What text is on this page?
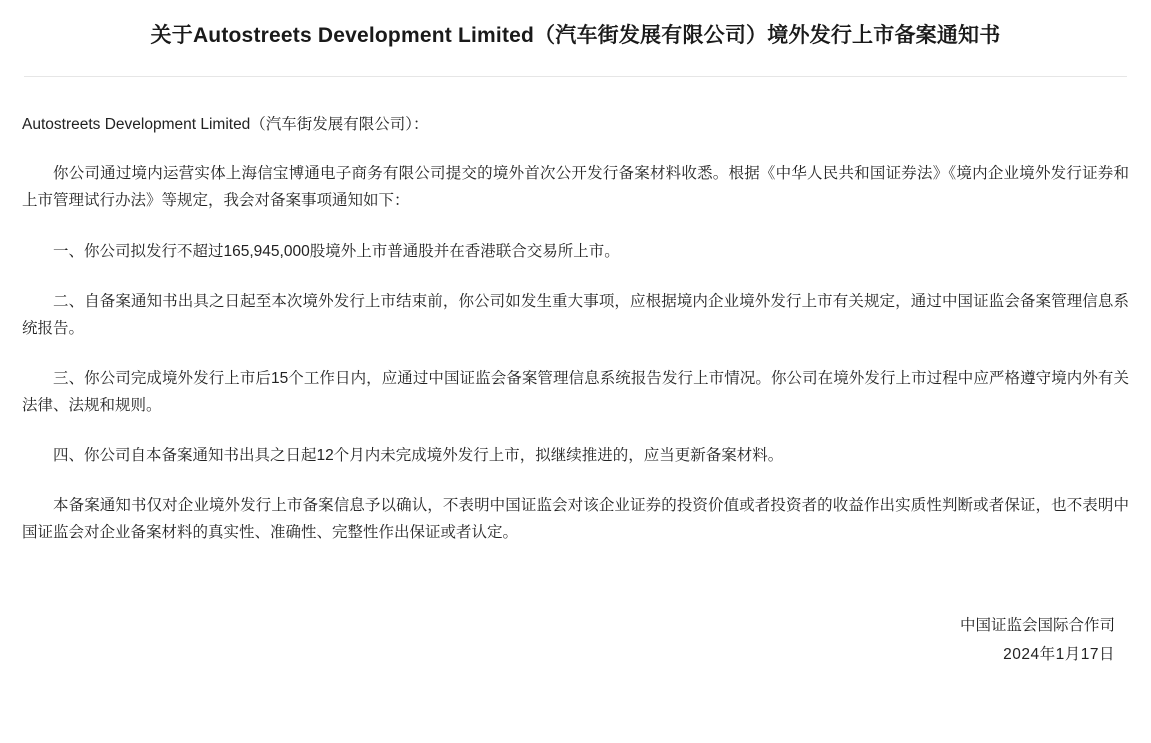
关于Autostreets Development Limited（汽车街发展有限公司）境外发行上市备案通知书
Autostreets Development Limited（汽车街发展有限公司）：

你公司通过境内运营实体上海信宝博通电子商务有限公司提交的境外首次公开发行备案材料收悉。根据《中华人民共和国证券法》《境内企业境外发行证券和上市管理试行办法》等规定，我会对备案事项通知如下：

一、你公司拟发行不超过165,945,000股境外上市普通股并在香港联合交易所上市。

二、自备案通知书出具之日起至本次境外发行上市结束前，你公司如发生重大事项，应根据境内企业境外发行上市有关规定，通过中国证监会备案管理信息系统报告。

三、你公司完成境外发行上市后15个工作日内，应通过中国证监会备案管理信息系统报告发行上市情况。你公司在境外发行上市过程中应严格遵守境内外有关法律、法规和规则。

四、你公司自本备案通知书出具之日起12个月内未完成境外发行上市，拟继续推进的，应当更新备案材料。

本备案通知书仅对企业境外发行上市备案信息予以确认，不表明中国证监会对该企业证券的投资价值或者投资者的收益作出实质性判断或者保证，也不表明中国证监会对企业备案材料的真实性、准确性、完整性作出保证或者认定。

中国证监会国际合作司
2024年1月17日
